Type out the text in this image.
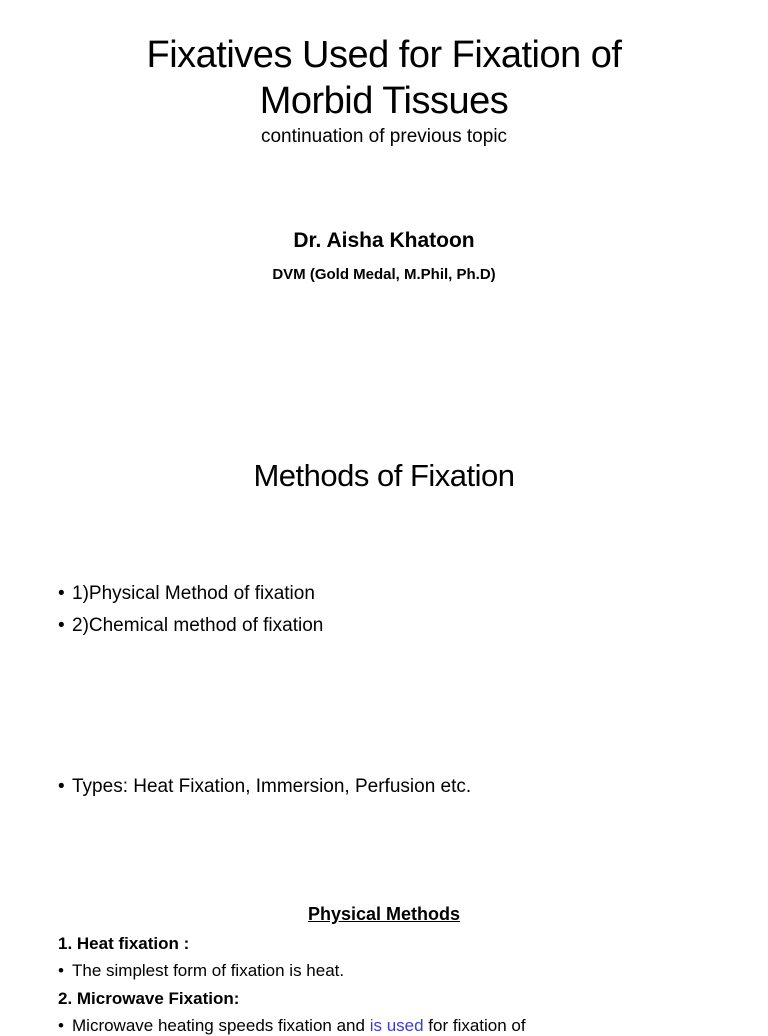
Fixatives Used for Fixation of
Morbid Tissues

continuation of previous topic

Dr. Aisha Khatoon
DVM (Gold Medal, M.Phil, Ph.D)
Methods of Fixation
• 1)Physical Method of fixation
• 2)Chemical method of fixation
• Types: Heat Fixation, Immersion, Perfusion etc.
Physical Methods
1. Heat fixation :
• The simplest form of fixation is heat.
2. Microwave Fixation:
• Microwave heating speeds fixation and is used for fixation of
